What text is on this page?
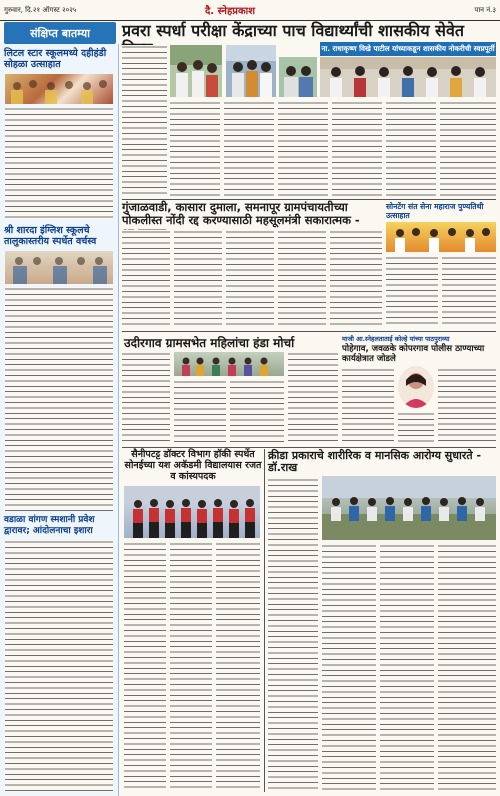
गुरुवार, दि.२१ ऑगस्ट २०२५	दै. स्नेहप्रकाश	पान नं.३
संक्षिप्त बातम्या
लिटल स्टार स्कूलमध्ये दहीहंडी सोहळा उत्साहात
श्री शारदा इंग्लिश स्कूलचे तालुकास्तरीय स्पर्धेत वर्चस्व
वडाळा वांगण स्मशानी प्रवेश द्वारावर; आंदोलनाचा इशारा
प्रवरा स्पर्धा परीक्षा केंद्राच्या पाच विद्यार्थ्यांची शासकीय सेवेत
ना. राधाकृष्ण विखे पाटील यांच्याकडून शासकीय नोकरीची स्वप्नपूर्ती
गुंजाळवाडी, कासारा दुमाला, समनापूर ग्रामपंचायतीच्या पोकलीस्त नोंदी रद्द करण्यासाठी महसूलमंत्री सकारात्मक -
सोनटेंग संत सेना महाराज पुण्यतिथी उत्साहात
उदीरगाव ग्रामसभेत महिलांचा हंडा मोर्चा	माजी आ.स्नेहलताताई कोल्हे यांच्या पाठपुराव्या
पोहेगाव, जवळके कोपरगाव पोलीस ठाण्याच्या कार्यक्षेत्रात जोडले
सैनीपटट्ट डॉक्टर विभाग हॉकी स्पर्धेत सोनईच्या यश अकॅडमी विद्यालयास रजत व कांस्यपदक
क्रीडा प्रकाराचे शारीरिक व मानसिक आरोग्य सुधारते - डॉ.राख
